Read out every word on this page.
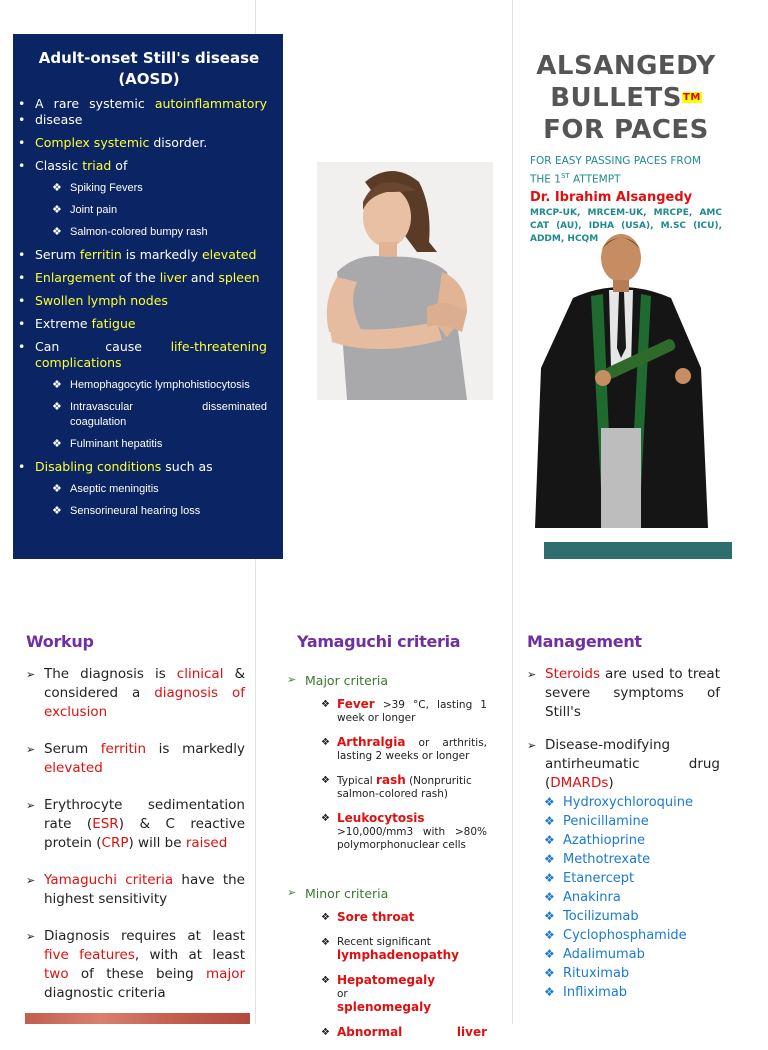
Adult-onset Still's disease (AOSD)
• A rare systemic autoinflammatory
• disease
• Complex systemic disorder.
• Classic triad of
❖ Spiking Fevers
❖ Joint pain
❖ Salmon-colored bumpy rash
• Serum ferritin is markedly elevated
• Enlargement of the liver and spleen
• Swollen lymph nodes
• Extreme fatigue
• Can cause life-threatening
complications
❖ Hemophagocytic lymphohistiocytosis
❖ Intravascular disseminated coagulation
❖ Fulminant hepatitis
• Disabling conditions such as
❖ Aseptic meningitis
❖ Sensorineural hearing loss
ALSANGEDY
BULLETS™
FOR PACES
FOR EASY PASSING PACES FROM THE 1ST ATTEMPT
Dr. Ibrahim Alsangedy
MRCP-UK, MRCEM-UK, MRCPE, AMC CAT (AU), IDHA (USA), M.SC (ICU), ADDM, HCQM
Workup
➢ The diagnosis is clinical & considered a diagnosis of exclusion
➢ Serum ferritin is markedly elevated
➢ Erythrocyte sedimentation rate (ESR) & C reactive protein (CRP) will be raised
➢ Yamaguchi criteria have the highest sensitivity
➢ Diagnosis requires at least five features, with at least two of these being major diagnostic criteria
Yamaguchi criteria
➢ Major criteria
❖ Fever >39 °C, lasting 1 week or longer
❖ Arthralgia or arthritis, lasting 2 weeks or longer
❖ Typical rash (Nonpruritic salmon-colored rash)
❖ Leukocytosis
>10,000/mm3 with >80% polymorphonuclear cells
➢ Minor criteria
❖ Sore throat
❖ Recent significant
lymphadenopathy
❖ Hepatomegaly or
splenomegaly
❖ Abnormal	liver
Management
➢ Steroids are used to treat severe symptoms of Still's
➢ Disease-modifying antirheumatic drug (DMARDs)
❖ Hydroxychloroquine
❖ Penicillamine
❖ Azathioprine
❖ Methotrexate
❖ Etanercept
❖ Anakinra
❖ Tocilizumab
❖ Cyclophosphamide
❖ Adalimumab
❖ Rituximab
❖ Infliximab
